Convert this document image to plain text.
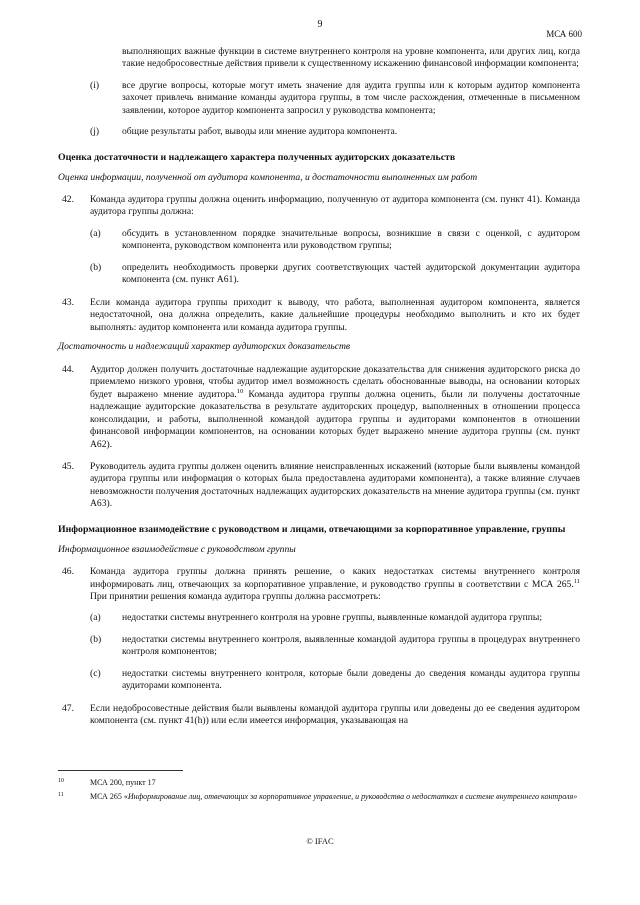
9
МСА 600
выполняющих важные функции в системе внутреннего контроля на уровне компонента, или других лиц, когда такие недобросовестные действия привели к существенному искажению финансовой информации компонента;
(i)	все другие вопросы, которые могут иметь значение для аудита группы или к которым аудитор компонента захочет привлечь внимание команды аудитора группы, в том числе расхождения, отмеченные в письменном заявлении, которое аудитор компонента запросил у руководства компонента;
(j)	общие результаты работ, выводы или мнение аудитора компонента.
Оценка достаточности и надлежащего характера полученных аудиторских доказательств
Оценка информации, полученной от аудитора компонента, и достаточности выполненных им работ
42.	Команда аудитора группы должна оценить информацию, полученную от аудитора компонента (см. пункт 41). Команда аудитора группы должна:
(a)	обсудить в установленном порядке значительные вопросы, возникшие в связи с оценкой, с аудитором компонента, руководством компонента или руководством группы;
(b)	определить необходимость проверки других соответствующих частей аудиторской документации аудитора компонента (см. пункт A61).
43.	Если команда аудитора группы приходит к выводу, что работа, выполненная аудитором компонента, является недостаточной, она должна определить, какие дальнейшие процедуры необходимо выполнить и кто их будет выполнять: аудитор компонента или команда аудитора группы.
Достаточность и надлежащий характер аудиторских доказательств
44.	Аудитор должен получить достаточные надлежащие аудиторские доказательства для снижения аудиторского риска до приемлемо низкого уровня, чтобы аудитор имел возможность сделать обоснованные выводы, на основании которых будет выражено мнение аудитора.$^{10}$ Команда аудитора группы должна оценить, были ли получены достаточные надлежащие аудиторские доказательства в результате аудиторских процедур, выполненных в отношении процесса консолидации, и работы, выполненной командой аудитора группы и аудиторами компонентов в отношении финансовой информации компонентов, на основании которых будет выражено мнение аудитора группы (см. пункт A62).
45.	Руководитель аудита группы должен оценить влияние неисправленных искажений (которые были выявлены командой аудитора группы или информация о которых была предоставлена аудиторами компонента), а также влияние случаев невозможности получения достаточных надлежащих аудиторских доказательств на мнение аудитора группы (см. пункт A63).
Информационное взаимодействие с руководством и лицами, отвечающими за корпоративное управление, группы
Информационное взаимодействие с руководством группы
46.	Команда аудитора группы должна принять решение, о каких недостатках системы внутреннего контроля информировать лиц, отвечающих за корпоративное управление, и руководство группы в соответствии с МСА 265.11 При принятии решения команда аудитора группы должна рассмотреть:
(a)	недостатки системы внутреннего контроля на уровне группы, выявленные командой аудитора группы;
(b)	недостатки системы внутреннего контроля, выявленные командой аудитора группы в процедурах внутреннего контроля компонентов;
(c)	недостатки системы внутреннего контроля, которые были доведены до сведения команды аудитора группы аудиторами компонента.
47.	Если недобросовестные действия были выявлены командой аудитора группы или доведены до ее сведения аудитором компонента (см. пункт 41(h)) или если имеется информация, указывающая на
10	МСА 200, пункт 17
11	МСА 265 «Информирование лиц, отвечающих за корпоративное управление, и руководства о недостатках в системе внутреннего контроля»
© IFAC
